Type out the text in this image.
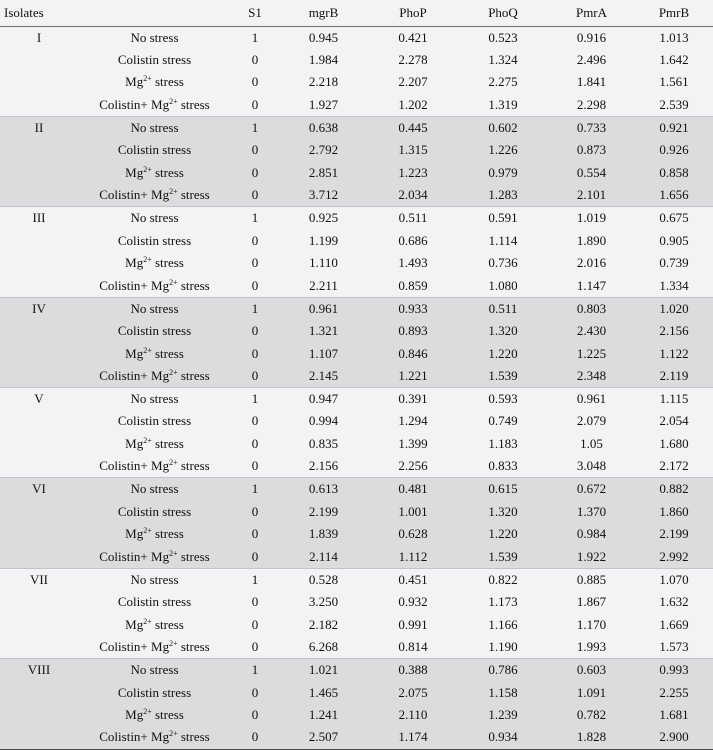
Isolates		S1	mgrB	PhoP	PhoQ	PmrA	PmrB
I	No stress	1	0.945	0.421	0.523	0.916	1.013
	Colistin stress	0	1.984	2.278	1.324	2.496	1.642
	$Mg^{2+}$ stress	0	2.218	2.207	2.275	1.841	1.561
	Colistin+ $Mg^{2+}$ stress	0	1.927	1.202	1.319	2.298	2.539
II	No stress	1	0.638	0.445	0.602	0.733	0.921
	Colistin stress	0	2.792	1.315	1.226	0.873	0.926
	$Mg^{2+}$ stress	0	2.851	1.223	0.979	0.554	0.858
	Colistin+ $Mg^{2+}$ stress	0	3.712	2.034	1.283	2.101	1.656
III	No stress	1	0.925	0.511	0.591	1.019	0.675
	Colistin stress	0	1.199	0.686	1.114	1.890	0.905
	$Mg^{2+}$ stress	0	1.110	1.493	0.736	2.016	0.739
	Colistin+ $Mg^{2+}$ stress	0	2.211	0.859	1.080	1.147	1.334
IV	No stress	1	0.961	0.933	0.511	0.803	1.020
	Colistin stress	0	1.321	0.893	1.320	2.430	2.156
	$Mg^{2+}$ stress	0	1.107	0.846	1.220	1.225	1.122
	Colistin+ $Mg^{2+}$ stress	0	2.145	1.221	1.539	2.348	2.119
V	No stress	1	0.947	0.391	0.593	0.961	1.115
	Colistin stress	0	0.994	1.294	0.749	2.079	2.054
	$Mg^{2+}$ stress	0	0.835	1.399	1.183	1.05	1.680
	Colistin+ $Mg^{2+}$ stress	0	2.156	2.256	0.833	3.048	2.172
VI	No stress	1	0.613	0.481	0.615	0.672	0.882
	Colistin stress	0	2.199	1.001	1.320	1.370	1.860
	$Mg^{2+}$ stress	0	1.839	0.628	1.220	0.984	2.199
	Colistin+ $Mg^{2+}$ stress	0	2.114	1.112	1.539	1.922	2.992
VII	No stress	1	0.528	0.451	0.822	0.885	1.070
	Colistin stress	0	3.250	0.932	1.173	1.867	1.632
	$Mg^{2+}$ stress	0	2.182	0.991	1.166	1.170	1.669
	Colistin+ $Mg^{2+}$ stress	0	6.268	0.814	1.190	1.993	1.573
VIII	No stress	1	1.021	0.388	0.786	0.603	0.993
	Colistin stress	0	1.465	2.075	1.158	1.091	2.255
	$Mg^{2+}$ stress	0	1.241	2.110	1.239	0.782	1.681
	Colistin+ $Mg^{2+}$ stress	0	2.507	1.174	0.934	1.828	2.900
